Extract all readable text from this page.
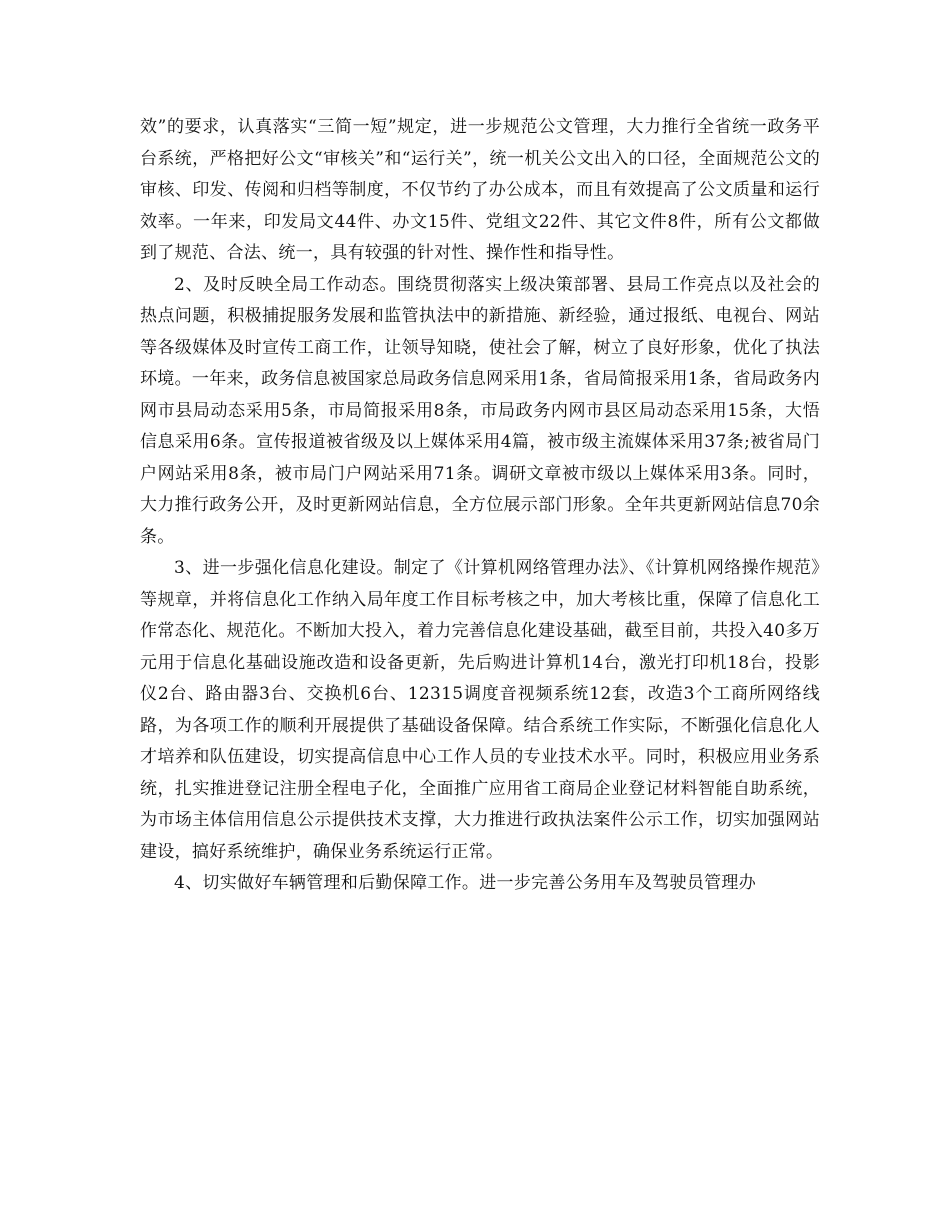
效”的要求，认真落实“三简一短”规定，进一步规范公文管理，大力推行全省统一政务平台系统，严格把好公文“审核关”和“运行关”，统一机关公文出入的口径，全面规范公文的审核、印发、传阅和归档等制度，不仅节约了办公成本，而且有效提高了公文质量和运行效率。一年来，印发局文44件、办文15件、党组文22件、其它文件8件，所有公文都做到了规范、合法、统一，具有较强的针对性、操作性和指导性。

2、及时反映全局工作动态。围绕贯彻落实上级决策部署、县局工作亮点以及社会的热点问题，积极捕捉服务发展和监管执法中的新措施、新经验，通过报纸、电视台、网站等各级媒体及时宣传工商工作，让领导知晓，使社会了解，树立了良好形象，优化了执法环境。一年来，政务信息被国家总局政务信息网采用1条，省局简报采用1条，省局政务内网市县局动态采用5条，市局简报采用8条，市局政务内网市县区局动态采用15条，大悟信息采用6条。宣传报道被省级及以上媒体采用4篇，被市级主流媒体采用37条;被省局门户网站采用8条，被市局门户网站采用71条。调研文章被市级以上媒体采用3条。同时，大力推行政务公开，及时更新网站信息，全方位展示部门形象。全年共更新网站信息70余条。

3、进一步强化信息化建设。制定了《计算机网络管理办法》、《计算机网络操作规范》等规章，并将信息化工作纳入局年度工作目标考核之中，加大考核比重，保障了信息化工作常态化、规范化。不断加大投入，着力完善信息化建设基础，截至目前，共投入40多万元用于信息化基础设施改造和设备更新，先后购进计算机14台，激光打印机18台，投影仪2台、路由器3台、交换机6台、12315调度音视频系统12套，改造3个工商所网络线路，为各项工作的顺利开展提供了基础设备保障。结合系统工作实际，不断强化信息化人才培养和队伍建设，切实提高信息中心工作人员的专业技术水平。同时，积极应用业务系统，扎实推进登记注册全程电子化，全面推广应用省工商局企业登记材料智能自助系统，为市场主体信用信息公示提供技术支撑，大力推进行政执法案件公示工作，切实加强网站建设，搞好系统维护，确保业务系统运行正常。

4、切实做好车辆管理和后勤保障工作。进一步完善公务用车及驾驶员管理办
